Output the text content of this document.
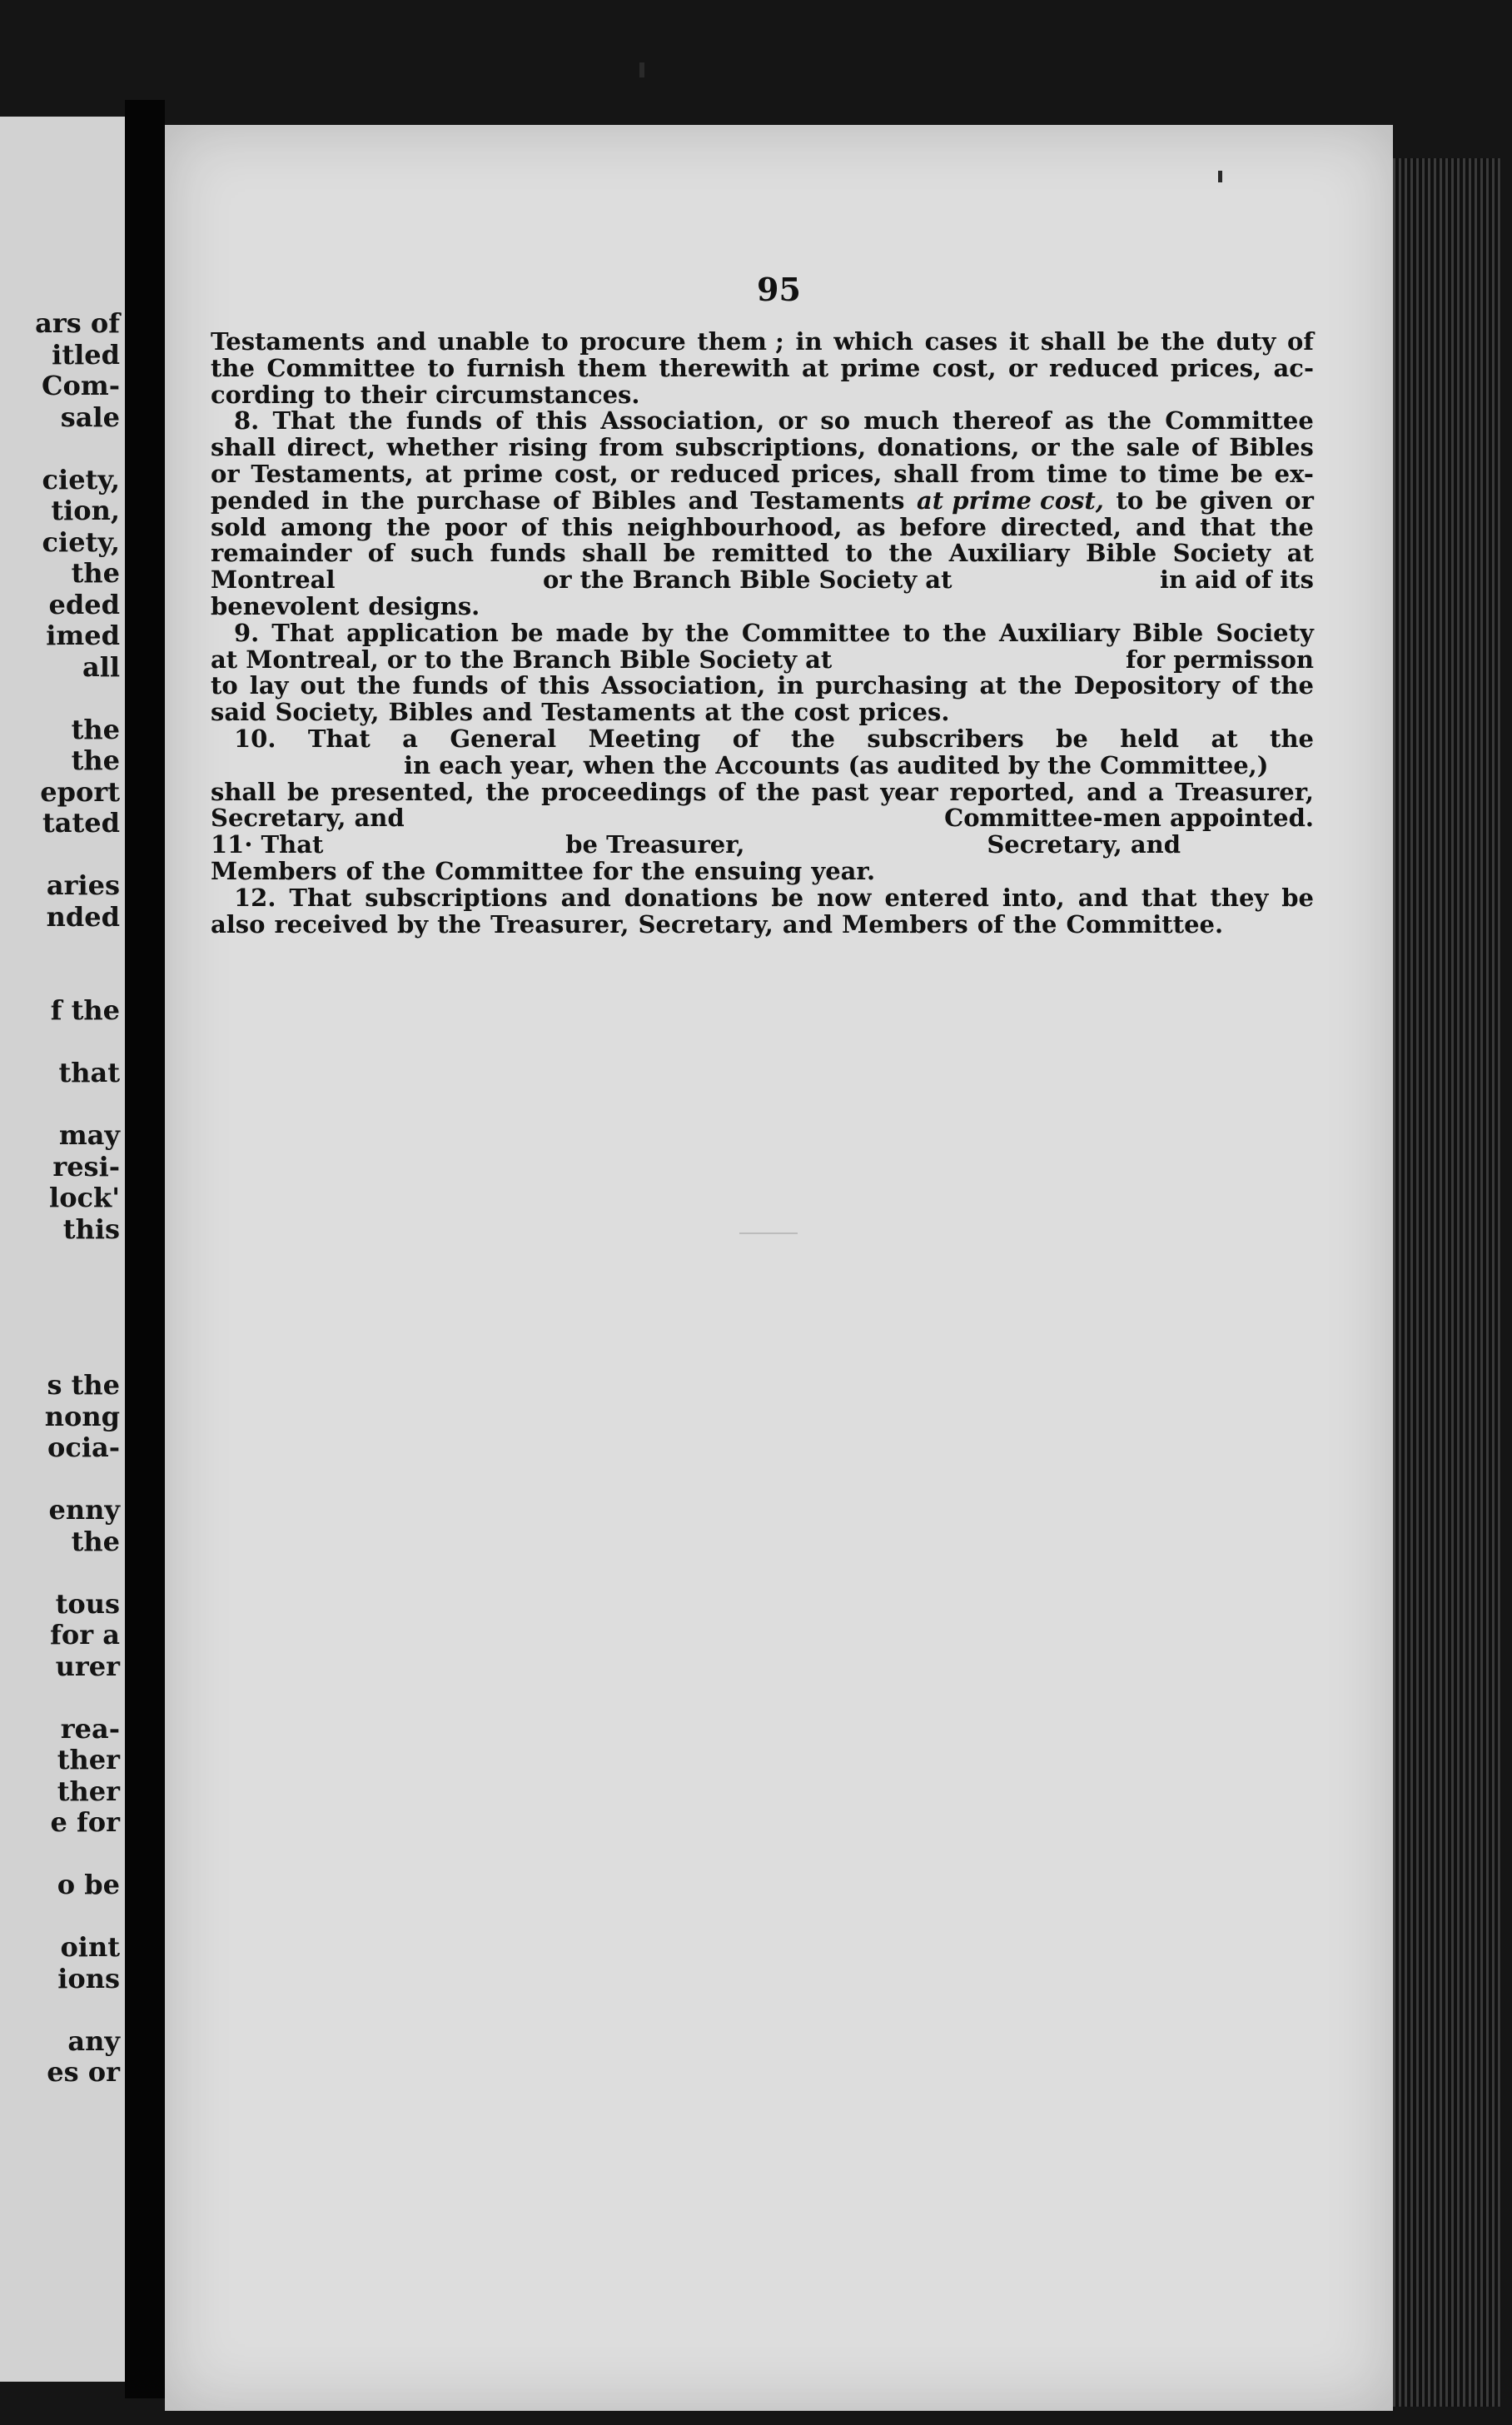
ars of
itled
Com-
sale
ciety,
tion,
ciety,
the
eded
imed
all
the
the
eport
tated
aries
nded
f the
that
may
resi-
lock'
this
s the
nong
ocia-
enny
the
tous
for a
urer
rea-
ther
ther
e for
o be
oint
ions
any
es or
95
Testaments and unable to procure them ; in which cases it shall be the duty of
the Committee to furnish them therewith at prime cost, or reduced prices, ac-
cording to their circumstances.
8. That the funds of this Association, or so much thereof as the Committee
shall direct, whether rising from subscriptions, donations, or the sale of Bibles
or Testaments, at prime cost, or reduced prices, shall from time to time be ex-
pended in the purchase of Bibles and Testaments at prime cost, to be given or
sold among the poor of this neighbourhood, as before directed, and that the
remainder of such funds shall be remitted to the Auxiliary Bible Society at
Montreal	or the Branch Bible Society at	in aid of its
benevolent designs.
9. That application be made by the Committee to the Auxiliary Bible Society
at Montreal, or to the Branch Bible Society at	for permisson
to lay out the funds of this Association, in purchasing at the Depository of the
said Society, Bibles and Testaments at the cost prices.
10. That a General Meeting of the subscribers be held at the
in each year, when the Accounts (as audited by the Committee,)
shall be presented, the proceedings of the past year reported, and a Treasurer,
Secretary, and	Committee-men appointed.
11· That	be Treasurer,	Secretary, and
Members of the Committee for the ensuing year.
12. That subscriptions and donations be now entered into, and that they be
also received by the Treasurer, Secretary, and Members of the Committee.
